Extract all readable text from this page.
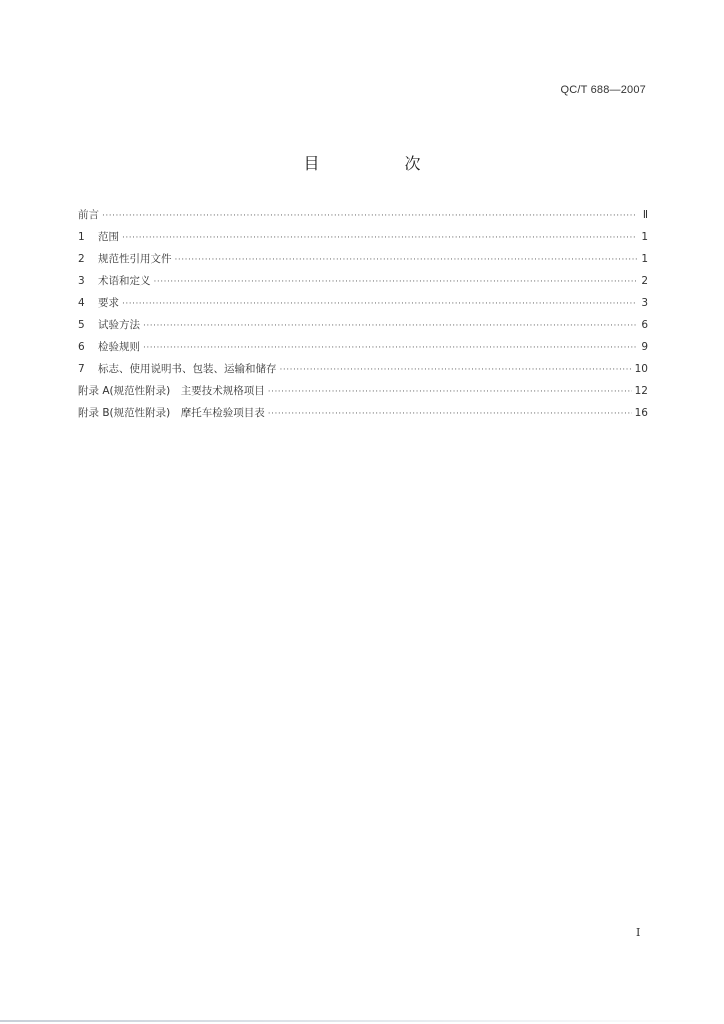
QC/T 688—2007
目 次
前言 ·····	Ⅱ
1	范围 ·····	1
2	规范性引用文件 ·····	1
3	术语和定义 ·····	2
4	要求 ·····	3
5	试验方法 ·····	6
6	检验规则 ·····	9
7	标志、使用说明书、包装、运输和储存 ·····	10
附录 A(规范性附录)　主要技术规格项目 ·····	12
附录 B(规范性附录)　摩托车检验项目表 ·····	16
Ⅰ
